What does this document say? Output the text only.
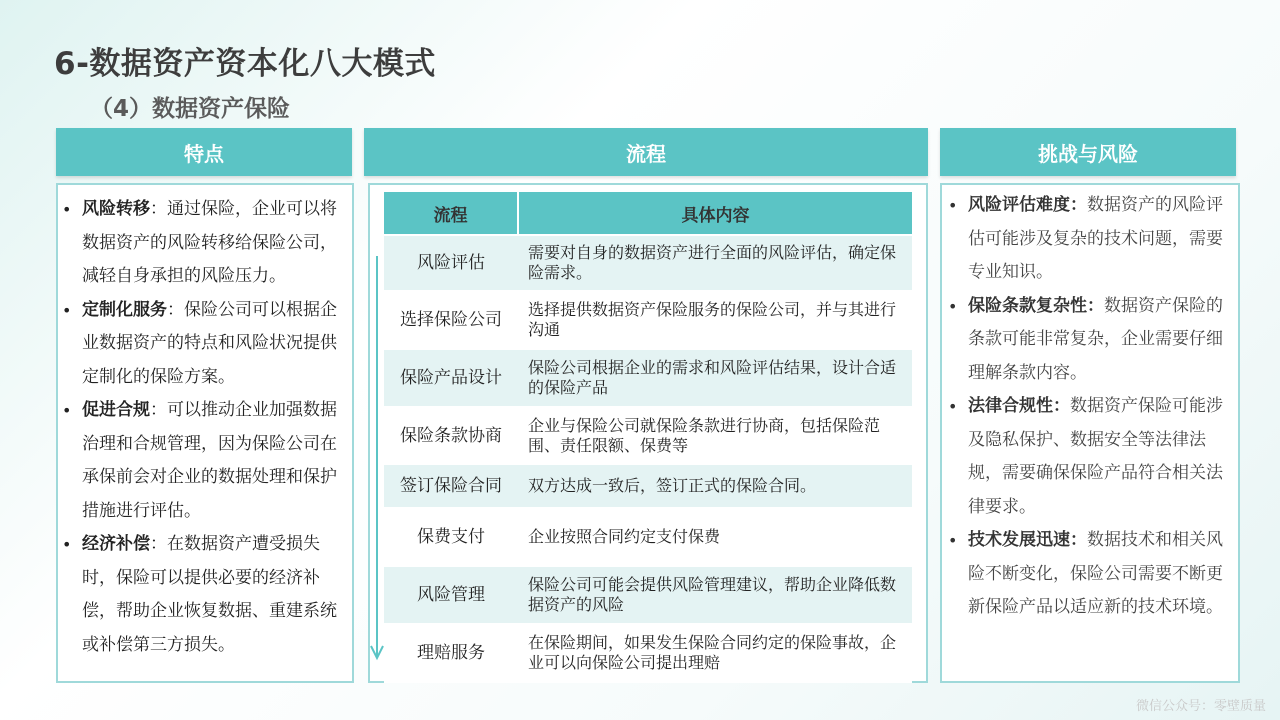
6-数据资产资本化八大模式
（4）数据资产保险
特点	流程	挑战与风险
• 风险转移：通过保险，企业可以将数据资产的风险转移给保险公司，减轻自身承担的风险压力。
• 定制化服务：保险公司可以根据企业数据资产的特点和风险状况提供定制化的保险方案。
• 促进合规：可以推动企业加强数据治理和合规管理，因为保险公司在承保前会对企业的数据处理和保护措施进行评估。
• 经济补偿：在数据资产遭受损失时，保险可以提供必要的经济补偿，帮助企业恢复数据、重建系统或补偿第三方损失。
流程	具体内容
风险评估	需要对自身的数据资产进行全面的风险评估，确定保险需求。
选择保险公司	选择提供数据资产保险服务的保险公司，并与其进行沟通
保险产品设计	保险公司根据企业的需求和风险评估结果，设计合适的保险产品
保险条款协商	企业与保险公司就保险条款进行协商，包括保险范围、责任限额、保费等
签订保险合同	双方达成一致后，签订正式的保险合同。
保费支付	企业按照合同约定支付保费
风险管理	保险公司可能会提供风险管理建议，帮助企业降低数据资产的风险
理赔服务	在保险期间，如果发生保险合同约定的保险事故，企业可以向保险公司提出理赔
• 风险评估难度：数据资产的风险评估可能涉及复杂的技术问题，需要专业知识。
• 保险条款复杂性：数据资产保险的条款可能非常复杂，企业需要仔细理解条款内容。
• 法律合规性：数据资产保险可能涉及隐私保护、数据安全等法律法规，需要确保保险产品符合相关法律要求。
• 技术发展迅速：数据技术和相关风险不断变化，保险公司需要不断更新保险产品以适应新的技术环境。
微信公众号：零壁质量
